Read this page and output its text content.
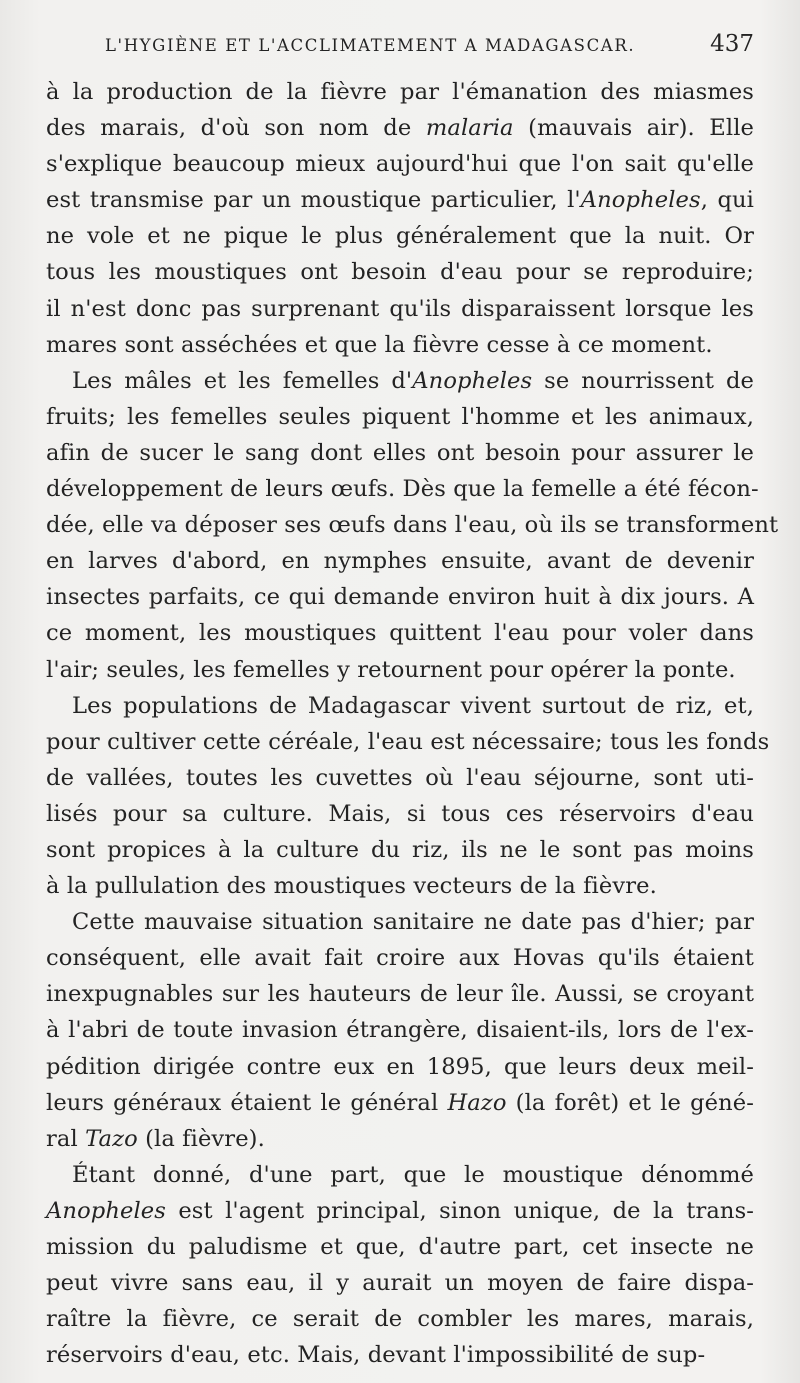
L'HYGIÈNE ET L'ACCLIMATEMENT A MADAGASCAR.	437
à la production de la fièvre par l'émanation des miasmes
des marais, d'où son nom de malaria (mauvais air). Elle
s'explique beaucoup mieux aujourd'hui que l'on sait qu'elle
est transmise par un moustique particulier, l'Anopheles, qui
ne vole et ne pique le plus généralement que la nuit. Or
tous les moustiques ont besoin d'eau pour se reproduire;
il n'est donc pas surprenant qu'ils disparaissent lorsque les
mares sont asséchées et que la fièvre cesse à ce moment.
Les mâles et les femelles d'Anopheles se nourrissent de
fruits; les femelles seules piquent l'homme et les animaux,
afin de sucer le sang dont elles ont besoin pour assurer le
développement de leurs œufs. Dès que la femelle a été fécon-
dée, elle va déposer ses œufs dans l'eau, où ils se transforment
en larves d'abord, en nymphes ensuite, avant de devenir
insectes parfaits, ce qui demande environ huit à dix jours. A
ce moment, les moustiques quittent l'eau pour voler dans
l'air; seules, les femelles y retournent pour opérer la ponte.
Les populations de Madagascar vivent surtout de riz, et,
pour cultiver cette céréale, l'eau est nécessaire; tous les fonds
de vallées, toutes les cuvettes où l'eau séjourne, sont uti-
lisés pour sa culture. Mais, si tous ces réservoirs d'eau
sont propices à la culture du riz, ils ne le sont pas moins
à la pullulation des moustiques vecteurs de la fièvre.
Cette mauvaise situation sanitaire ne date pas d'hier; par
conséquent, elle avait fait croire aux Hovas qu'ils étaient
inexpugnables sur les hauteurs de leur île. Aussi, se croyant
à l'abri de toute invasion étrangère, disaient-ils, lors de l'ex-
pédition dirigée contre eux en 1895, que leurs deux meil-
leurs généraux étaient le général Hazo (la forêt) et le géné-
ral Tazo (la fièvre).
Étant donné, d'une part, que le moustique dénommé
Anopheles est l'agent principal, sinon unique, de la trans-
mission du paludisme et que, d'autre part, cet insecte ne
peut vivre sans eau, il y aurait un moyen de faire dispa-
raître la fièvre, ce serait de combler les mares, marais,
réservoirs d'eau, etc. Mais, devant l'impossibilité de sup-
